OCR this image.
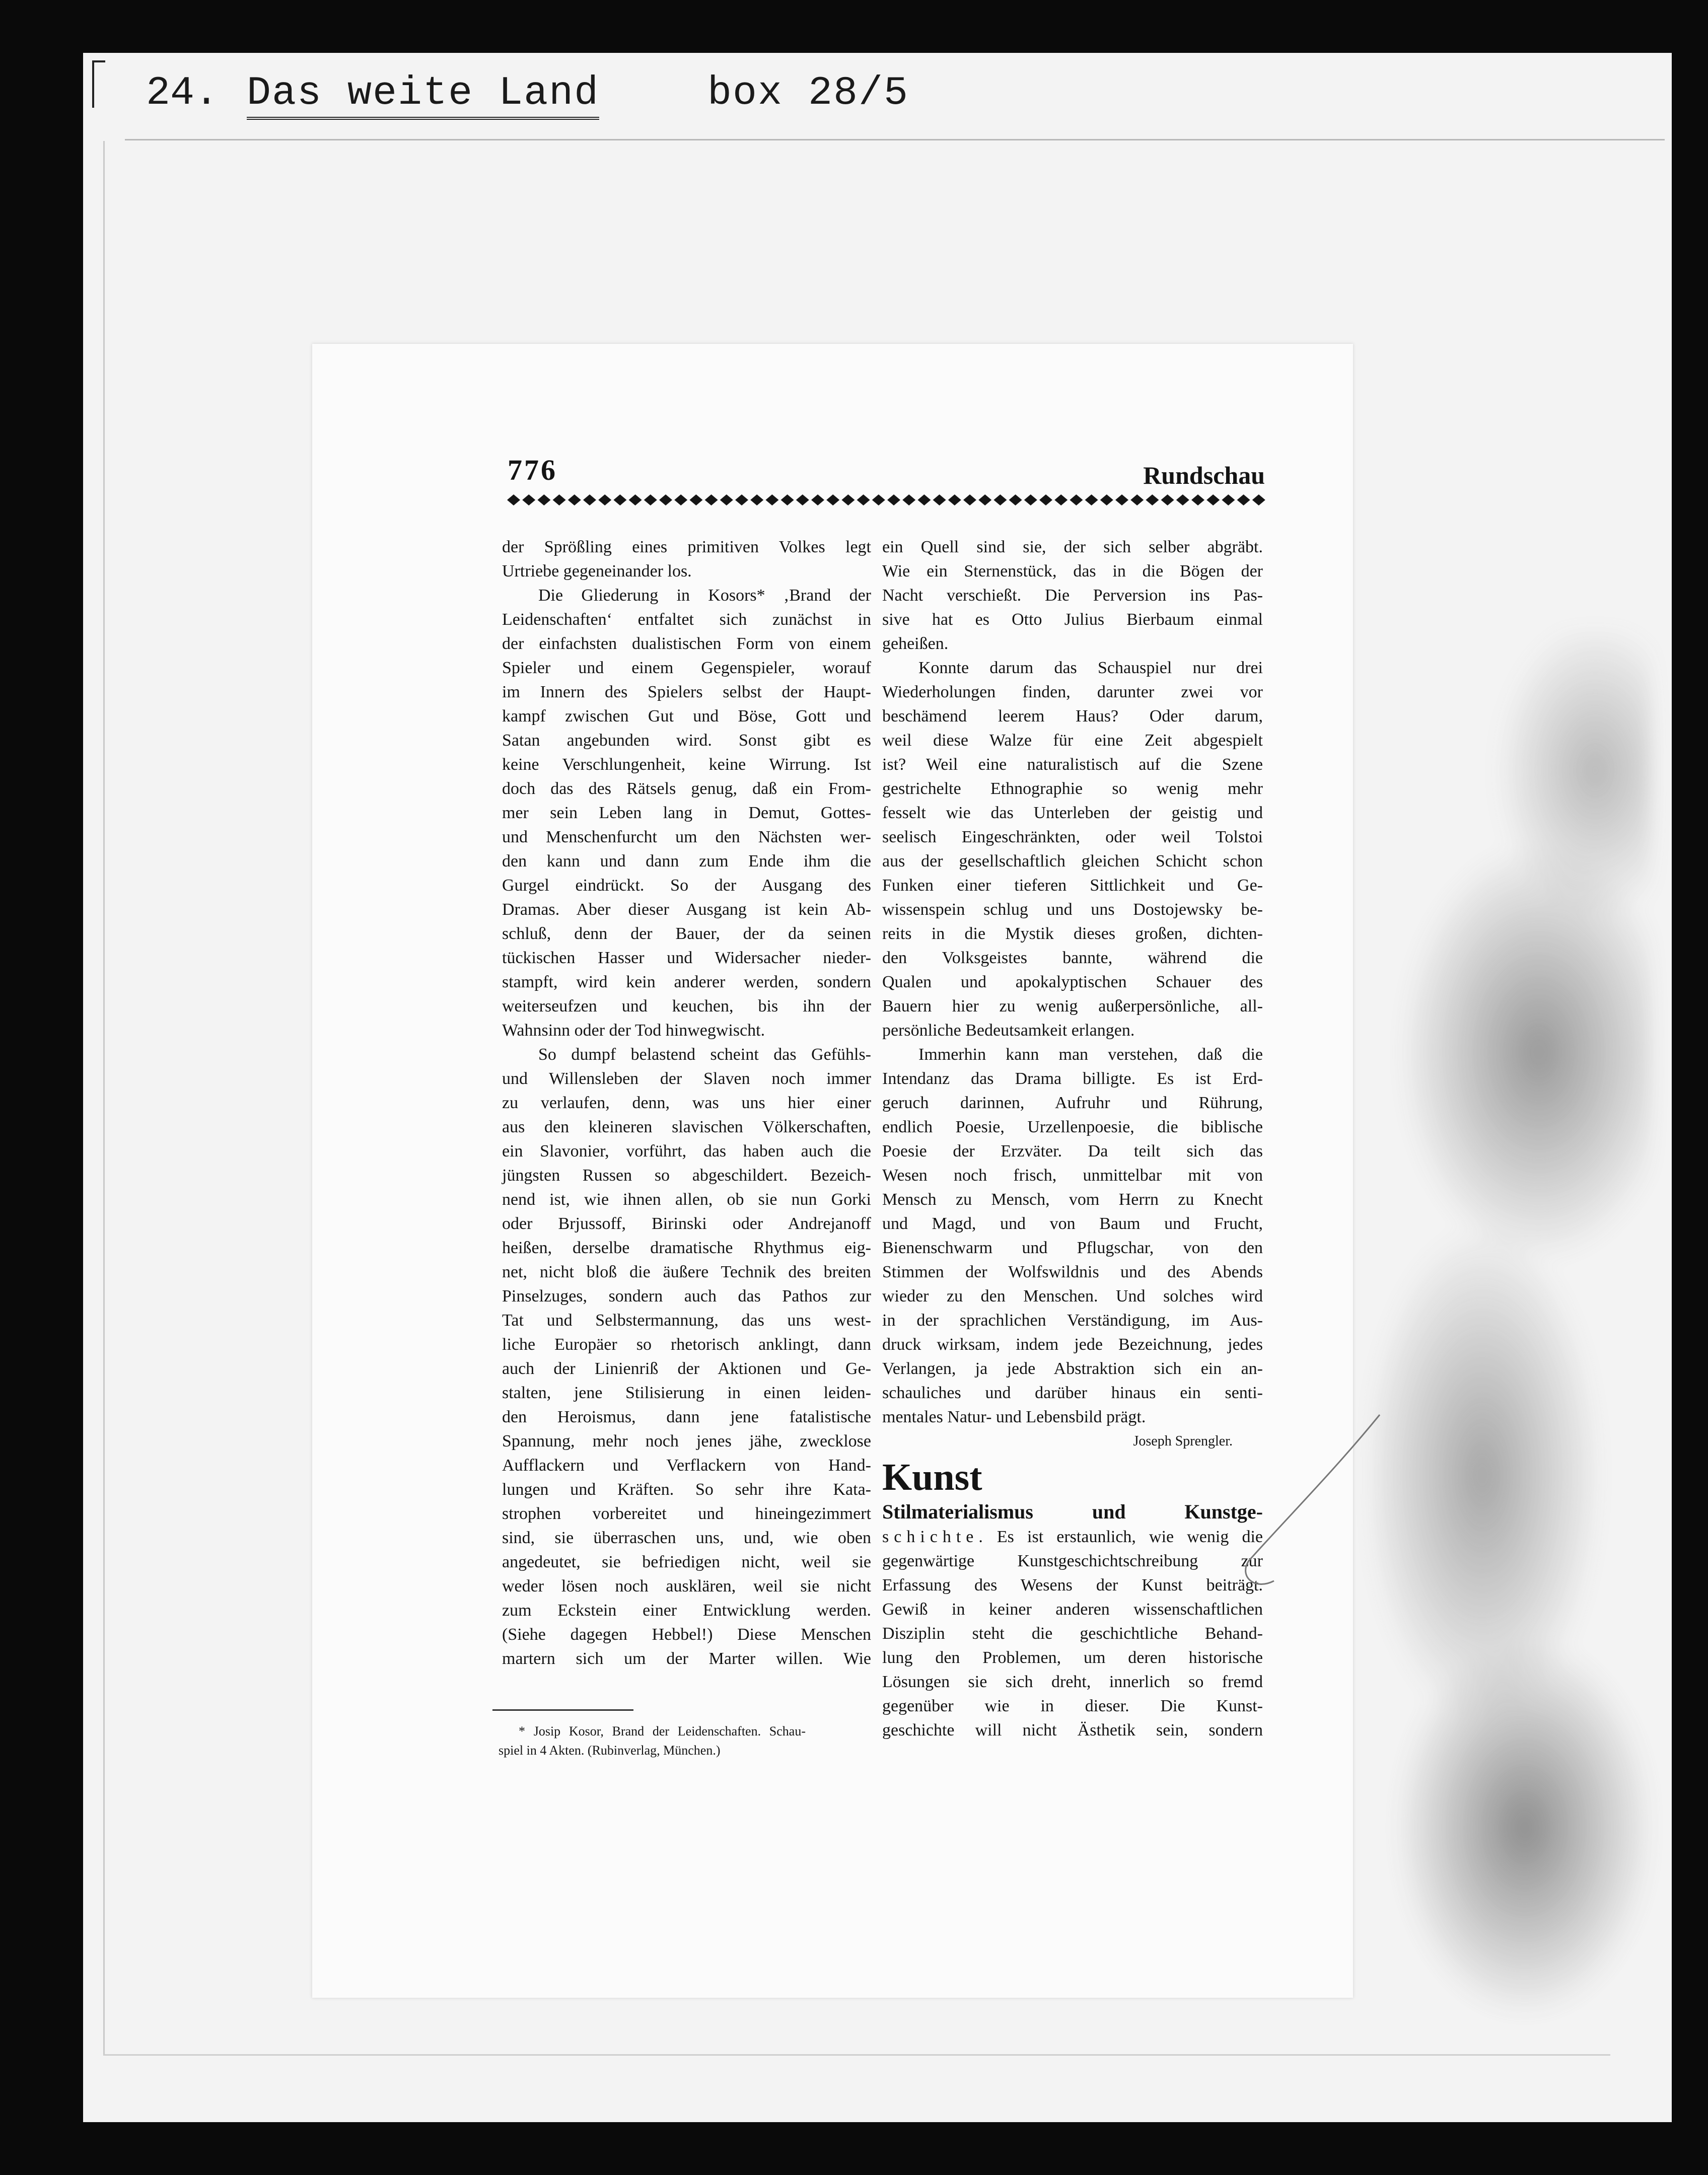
24. Das weite Land	box 28/5
776	Rundschau
der Sprößling eines primitiven Volkes legt
Urtriebe gegeneinander los.
Die Gliederung in Kosors* ‚Brand der
Leidenschaften‘ entfaltet sich zunächst in
der einfachsten dualistischen Form von einem
Spieler und einem Gegenspieler, worauf
im Innern des Spielers selbst der Haupt-
kampf zwischen Gut und Böse, Gott und
Satan angebunden wird. Sonst gibt es
keine Verschlungenheit, keine Wirrung. Ist
doch das des Rätsels genug, daß ein From-
mer sein Leben lang in Demut, Gottes-
und Menschenfurcht um den Nächsten wer-
den kann und dann zum Ende ihm die
Gurgel eindrückt. So der Ausgang des
Dramas. Aber dieser Ausgang ist kein Ab-
schluß, denn der Bauer, der da seinen
tückischen Hasser und Widersacher nieder-
stampft, wird kein anderer werden, sondern
weiterseufzen und keuchen, bis ihn der
Wahnsinn oder der Tod hinwegwischt.
So dumpf belastend scheint das Gefühls-
und Willensleben der Slaven noch immer
zu verlaufen, denn, was uns hier einer
aus den kleineren slavischen Völkerschaften,
ein Slavonier, vorführt, das haben auch die
jüngsten Russen so abgeschildert. Bezeich-
nend ist, wie ihnen allen, ob sie nun Gorki
oder Brjussoff, Birinski oder Andrejanoff
heißen, derselbe dramatische Rhythmus eig-
net, nicht bloß die äußere Technik des breiten
Pinselzuges, sondern auch das Pathos zur
Tat und Selbstermannung, das uns west-
liche Europäer so rhetorisch anklingt, dann
auch der Linienriß der Aktionen und Ge-
stalten, jene Stilisierung in einen leiden-
den Heroismus, dann jene fatalistische
Spannung, mehr noch jenes jähe, zwecklose
Aufflackern und Verflackern von Hand-
lungen und Kräften. So sehr ihre Kata-
strophen vorbereitet und hineingezimmert
sind, sie überraschen uns, und, wie oben
angedeutet, sie befriedigen nicht, weil sie
weder lösen noch ausklären, weil sie nicht
zum Eckstein einer Entwicklung werden.
(Siehe dagegen Hebbel!) Diese Menschen
martern sich um der Marter willen. Wie
ein Quell sind sie, der sich selber abgräbt.
Wie ein Sternenstück, das in die Bögen der
Nacht verschießt. Die Perversion ins Pas-
sive hat es Otto Julius Bierbaum einmal
geheißen.
Konnte darum das Schauspiel nur drei
Wiederholungen finden, darunter zwei vor
beschämend leerem Haus? Oder darum,
weil diese Walze für eine Zeit abgespielt
ist? Weil eine naturalistisch auf die Szene
gestrichelte Ethnographie so wenig mehr
fesselt wie das Unterleben der geistig und
seelisch Eingeschränkten, oder weil Tolstoi
aus der gesellschaftlich gleichen Schicht schon
Funken einer tieferen Sittlichkeit und Ge-
wissenspein schlug und uns Dostojewsky be-
reits in die Mystik dieses großen, dichten-
den Volksgeistes bannte, während die
Qualen und apokalyptischen Schauer des
Bauern hier zu wenig außerpersönliche, all-
persönliche Bedeutsamkeit erlangen.
Immerhin kann man verstehen, daß die
Intendanz das Drama billigte. Es ist Erd-
geruch darinnen, Aufruhr und Rührung,
endlich Poesie, Urzellenpoesie, die biblische
Poesie der Erzväter. Da teilt sich das
Wesen noch frisch, unmittelbar mit von
Mensch zu Mensch, vom Herrn zu Knecht
und Magd, und von Baum und Frucht,
Bienenschwarm und Pflugschar, von den
Stimmen der Wolfswildnis und des Abends
wieder zu den Menschen. Und solches wird
in der sprachlichen Verständigung, im Aus-
druck wirksam, indem jede Bezeichnung, jedes
Verlangen, ja jede Abstraktion sich ein an-
schauliches und darüber hinaus ein senti-
mentales Natur- und Lebensbild prägt.
Joseph Sprengler.
Kunst
Stilmaterialismus und Kunstge-
schichte. Es ist erstaunlich, wie wenig die
gegenwärtige Kunstgeschichtschreibung zur
Erfassung des Wesens der Kunst beiträgt.
Gewiß in keiner anderen wissenschaftlichen
Disziplin steht die geschichtliche Behand-
lung den Problemen, um deren historische
Lösungen sie sich dreht, innerlich so fremd
gegenüber wie in dieser. Die Kunst-
geschichte will nicht Ästhetik sein, sondern
* Josip Kosor, Brand der Leidenschaften. Schau-
spiel in 4 Akten. (Rubinverlag, München.)
